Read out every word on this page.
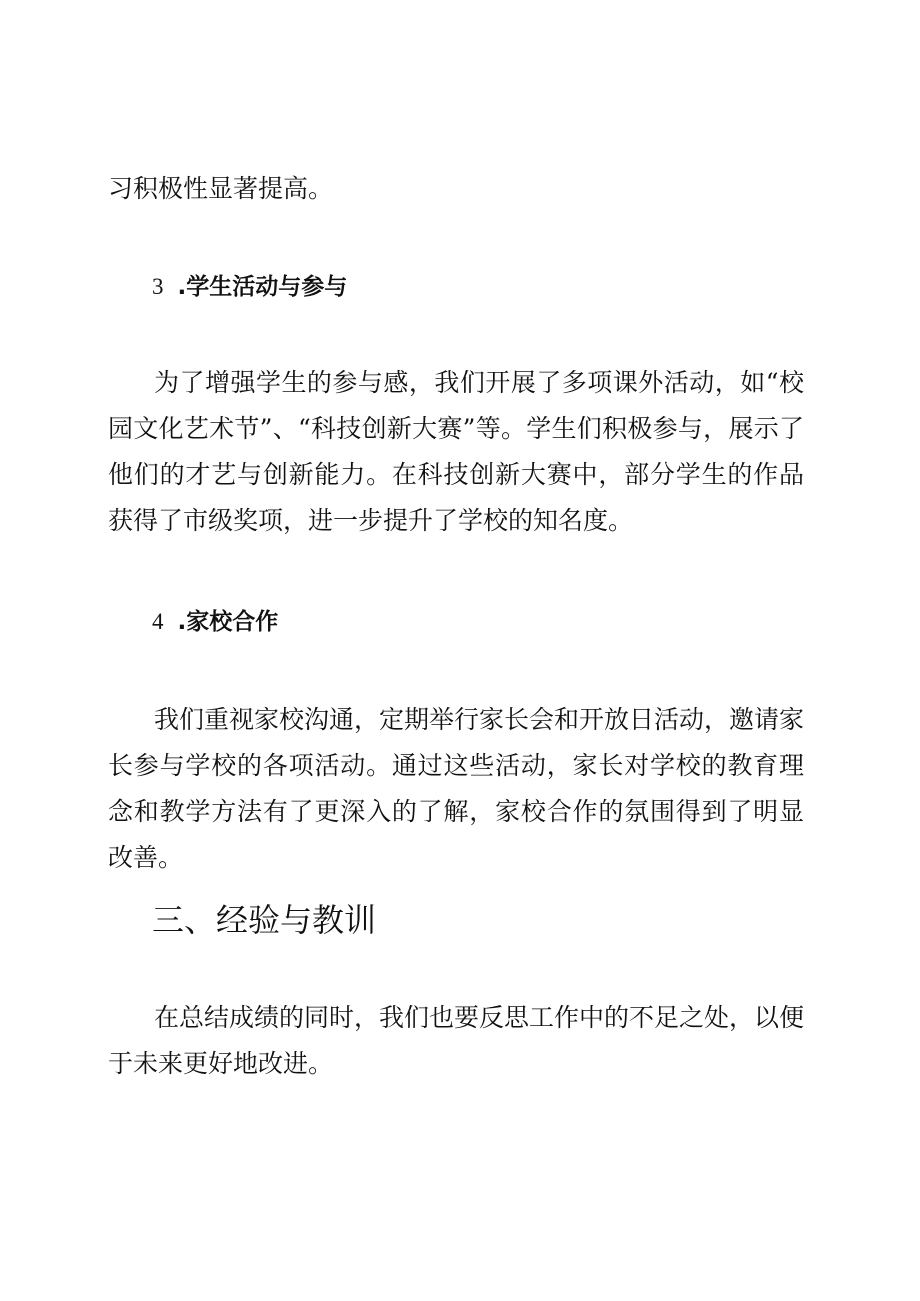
习积极性显著提高。

3 .学生活动与参与

为了增强学生的参与感，我们开展了多项课外活动，如“校园文化艺术节”、“科技创新大赛”等。学生们积极参与，展示了他们的才艺与创新能力。在科技创新大赛中，部分学生的作品获得了市级奖项，进一步提升了学校的知名度。

4 .家校合作

我们重视家校沟通，定期举行家长会和开放日活动，邀请家长参与学校的各项活动。通过这些活动，家长对学校的教育理念和教学方法有了更深入的了解，家校合作的氛围得到了明显改善。

三、经验与教训

在总结成绩的同时，我们也要反思工作中的不足之处，以便于未来更好地改进。
